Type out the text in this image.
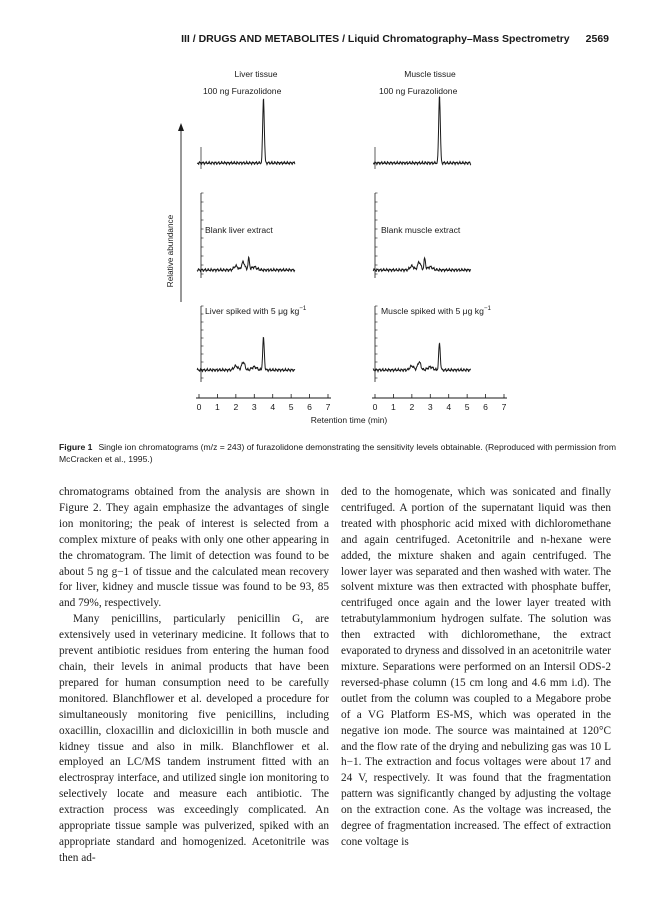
III / DRUGS AND METABOLITES / Liquid Chromatography–Mass Spectrometry 2569
Liver tissue	Muscle tissue
Relative abundance
100 ng Furazolidone	100 ng Furazolidone
Blank liver extract	Blank muscle extract
Liver spiked with 5 μg $kg^{-1}$	Muscle spiked with 5 μg $kg^{-1}$
0 1 2 3 4 5 6 7	0 1 2 3 4 5 6 7
Retention time (min)
Figure 1 Single ion chromatograms (m/z = 243) of furazolidone demonstrating the sensitivity levels obtainable. (Reproduced with permission from McCracken et al., 1995.)

chromatograms obtained from the analysis are shown in Figure 2. They again emphasize the advantages of single ion monitoring; the peak of interest is selected from a complex mixture of peaks with only one other appearing in the chromatogram. The limit of detection was found to be about 5 ng g−1 of tissue and the calculated mean recovery for liver, kidney and muscle tissue was found to be 93, 85 and 79%, respectively.

Many penicillins, particularly penicillin G, are extensively used in veterinary medicine. It follows that to prevent antibiotic residues from entering the human food chain, their levels in animal products that have been prepared for human consumption need to be carefully monitored. Blanchflower et al. developed a procedure for simultaneously monitoring five penicillins, including oxacillin, cloxacillin and dicloxicillin in both muscle and kidney tissue and also in milk. Blanchflower et al. employed an LC/MS tandem instrument fitted with an electrospray interface, and utilized single ion monitoring to selectively locate and measure each antibiotic. The extraction process was exceedingly complicated. An appropriate tissue sample was pulverized, spiked with an appropriate standard and homogenized. Acetonitrile was then ad-

ded to the homogenate, which was sonicated and finally centrifuged. A portion of the supernatant liquid was then treated with phosphoric acid mixed with dichloromethane and again centrifuged. Acetonitrile and n-hexane were added, the mixture shaken and again centrifuged. The lower layer was separated and then washed with water. The solvent mixture was then extracted with phosphate buffer, centrifuged once again and the lower layer treated with tetrabutylammonium hydrogen sulfate. The solution was then extracted with dichloromethane, the extract evaporated to dryness and dissolved in an acetonitrile water mixture. Separations were performed on an Intersil ODS-2 reversed-phase column (15 cm long and 4.6 mm i.d). The outlet from the column was coupled to a Megabore probe of a VG Platform ES-MS, which was operated in the negative ion mode. The source was maintained at 120°C and the flow rate of the drying and nebulizing gas was 10 L h−1. The extraction and focus voltages were about 17 and 24 V, respectively. It was found that the fragmentation pattern was significantly changed by adjusting the voltage on the extraction cone. As the voltage was increased, the degree of fragmentation increased. The effect of extraction cone voltage is
